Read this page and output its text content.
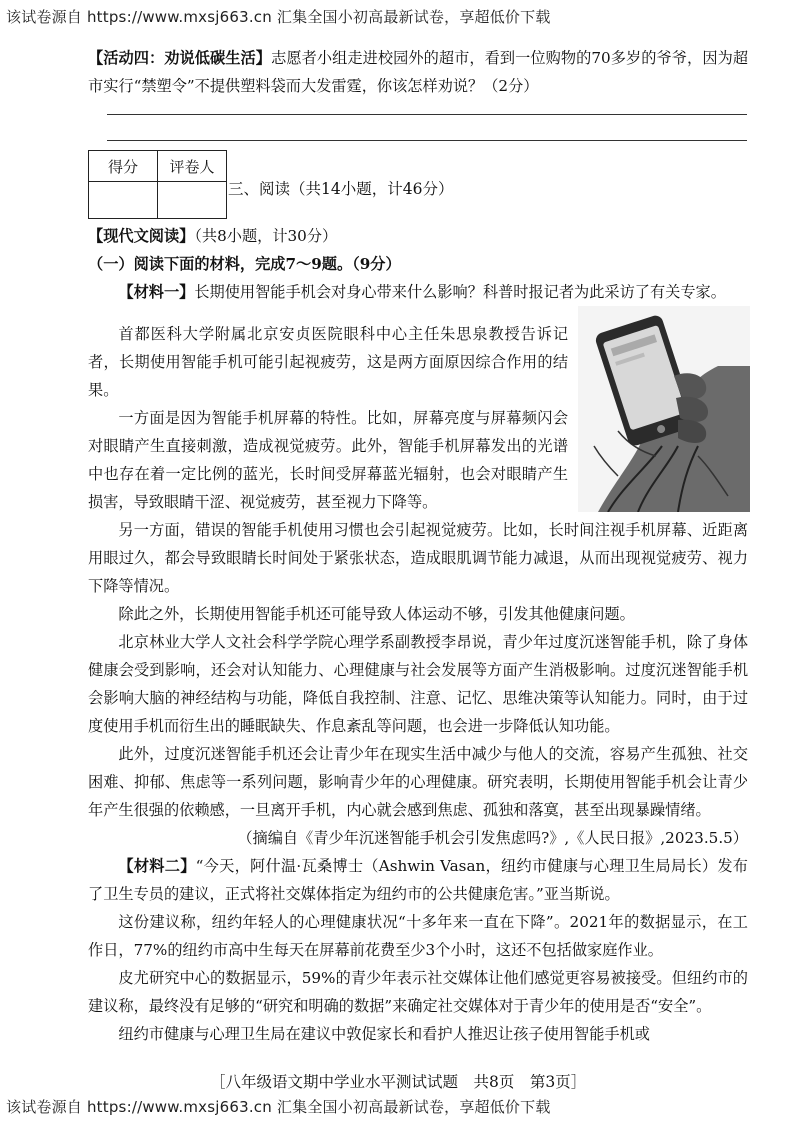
该试卷源自 https://www.mxsj663.cn 汇集全国小初高最新试卷，享超低价下载

【活动四：劝说低碳生活】志愿者小组走进校园外的超市，看到一位购物的70多岁的爷爷，因为超市实行“禁塑令”不提供塑料袋而大发雷霆，你该怎样劝说？（2分）

得分	评卷人

三、阅读（共14小题，计46分）

【现代文阅读】（共8小题，计30分）

（一）阅读下面的材料，完成7～9题。（9分）

【材料一】长期使用智能手机会对身心带来什么影响？科普时报记者为此采访了有关专家。

首都医科大学附属北京安贞医院眼科中心主任朱思泉教授告诉记者，长期使用智能手机可能引起视疲劳，这是两方面原因综合作用的结果。

一方面是因为智能手机屏幕的特性。比如，屏幕亮度与屏幕频闪会对眼睛产生直接刺激，造成视觉疲劳。此外，智能手机屏幕发出的光谱中也存在着一定比例的蓝光，长时间受屏幕蓝光辐射，也会对眼睛产生损害，导致眼睛干涩、视觉疲劳，甚至视力下降等。

另一方面，错误的智能手机使用习惯也会引起视觉疲劳。比如，长时间注视手机屏幕、近距离用眼过久，都会导致眼睛长时间处于紧张状态，造成眼肌调节能力减退，从而出现视觉疲劳、视力下降等情况。

除此之外，长期使用智能手机还可能导致人体运动不够，引发其他健康问题。

北京林业大学人文社会科学学院心理学系副教授李昂说，青少年过度沉迷智能手机，除了身体健康会受到影响，还会对认知能力、心理健康与社会发展等方面产生消极影响。过度沉迷智能手机会影响大脑的神经结构与功能，降低自我控制、注意、记忆、思维决策等认知能力。同时，由于过度使用手机而衍生出的睡眠缺失、作息紊乱等问题，也会进一步降低认知功能。

此外，过度沉迷智能手机还会让青少年在现实生活中减少与他人的交流，容易产生孤独、社交困难、抑郁、焦虑等一系列问题，影响青少年的心理健康。研究表明，长期使用智能手机会让青少年产生很强的依赖感，一旦离开手机，内心就会感到焦虑、孤独和落寞，甚至出现暴躁情绪。

（摘编自《青少年沉迷智能手机会引发焦虑吗?》,《人民日报》,2023.5.5）

【材料二】“今天，阿什温·瓦桑博士（Ashwin Vasan，纽约市健康与心理卫生局局长）发布了卫生专员的建议，正式将社交媒体指定为纽约市的公共健康危害。”亚当斯说。

这份建议称，纽约年轻人的心理健康状况“十多年来一直在下降”。2021年的数据显示，在工作日，77%的纽约市高中生每天在屏幕前花费至少3个小时，这还不包括做家庭作业。

皮尤研究中心的数据显示，59%的青少年表示社交媒体让他们感觉更容易被接受。但纽约市的建议称，最终没有足够的“研究和明确的数据”来确定社交媒体对于青少年的使用是否“安全”。

纽约市健康与心理卫生局在建议中敦促家长和看护人推迟让孩子使用智能手机或

［八年级语文期中学业水平测试试题　共8页　第3页］
该试卷源自 https://www.mxsj663.cn 汇集全国小初高最新试卷，享超低价下载
